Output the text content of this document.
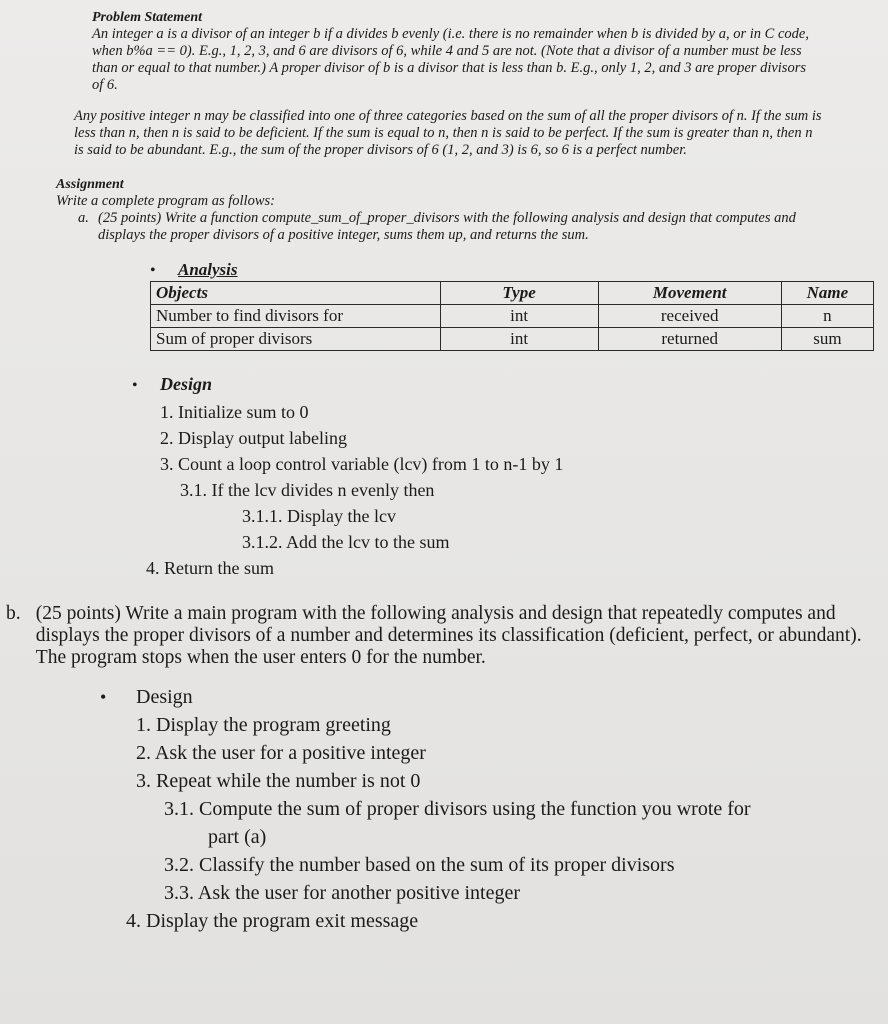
Problem Statement

An integer a is a divisor of an integer b if a divides b evenly (i.e. there is no remainder when b is divided by a, or in C code, when b%a == 0). E.g., 1, 2, 3, and 6 are divisors of 6, while 4 and 5 are not. (Note that a divisor of a number must be less than or equal to that number.) A proper divisor of b is a divisor that is less than b. E.g., only 1, 2, and 3 are proper divisors of 6.

Any positive integer n may be classified into one of three categories based on the sum of all the proper divisors of n. If the sum is less than n, then n is said to be deficient. If the sum is equal to n, then n is said to be perfect. If the sum is greater than n, then n is said to be abundant. E.g., the sum of the proper divisors of 6 (1, 2, and 3) is 6, so 6 is a perfect number.

Assignment

Write a complete program as follows:

a. (25 points) Write a function compute_sum_of_proper_divisors with the following analysis and design that computes and displays the proper divisors of a positive integer, sums them up, and returns the sum.

•	Analysis
Objects	Type	Movement	Name
Number to find divisors for	int	received	n
Sum of proper divisors	int	returned	sum
•	Design
1. Initialize sum to 0
2. Display output labeling
3. Count a loop control variable (lcv) from 1 to n-1 by 1
3.1. If the lcv divides n evenly then
3.1.1. Display the lcv
3.1.2. Add the lcv to the sum
4. Return the sum
b. (25 points) Write a main program with the following analysis and design that repeatedly computes and displays the proper divisors of a number and determines its classification (deficient, perfect, or abundant). The program stops when the user enters 0 for the number.
•	Design
1. Display the program greeting
2. Ask the user for a positive integer
3. Repeat while the number is not 0
3.1. Compute the sum of proper divisors using the function you wrote for
part (a)
3.2. Classify the number based on the sum of its proper divisors
3.3. Ask the user for another positive integer
4. Display the program exit message
